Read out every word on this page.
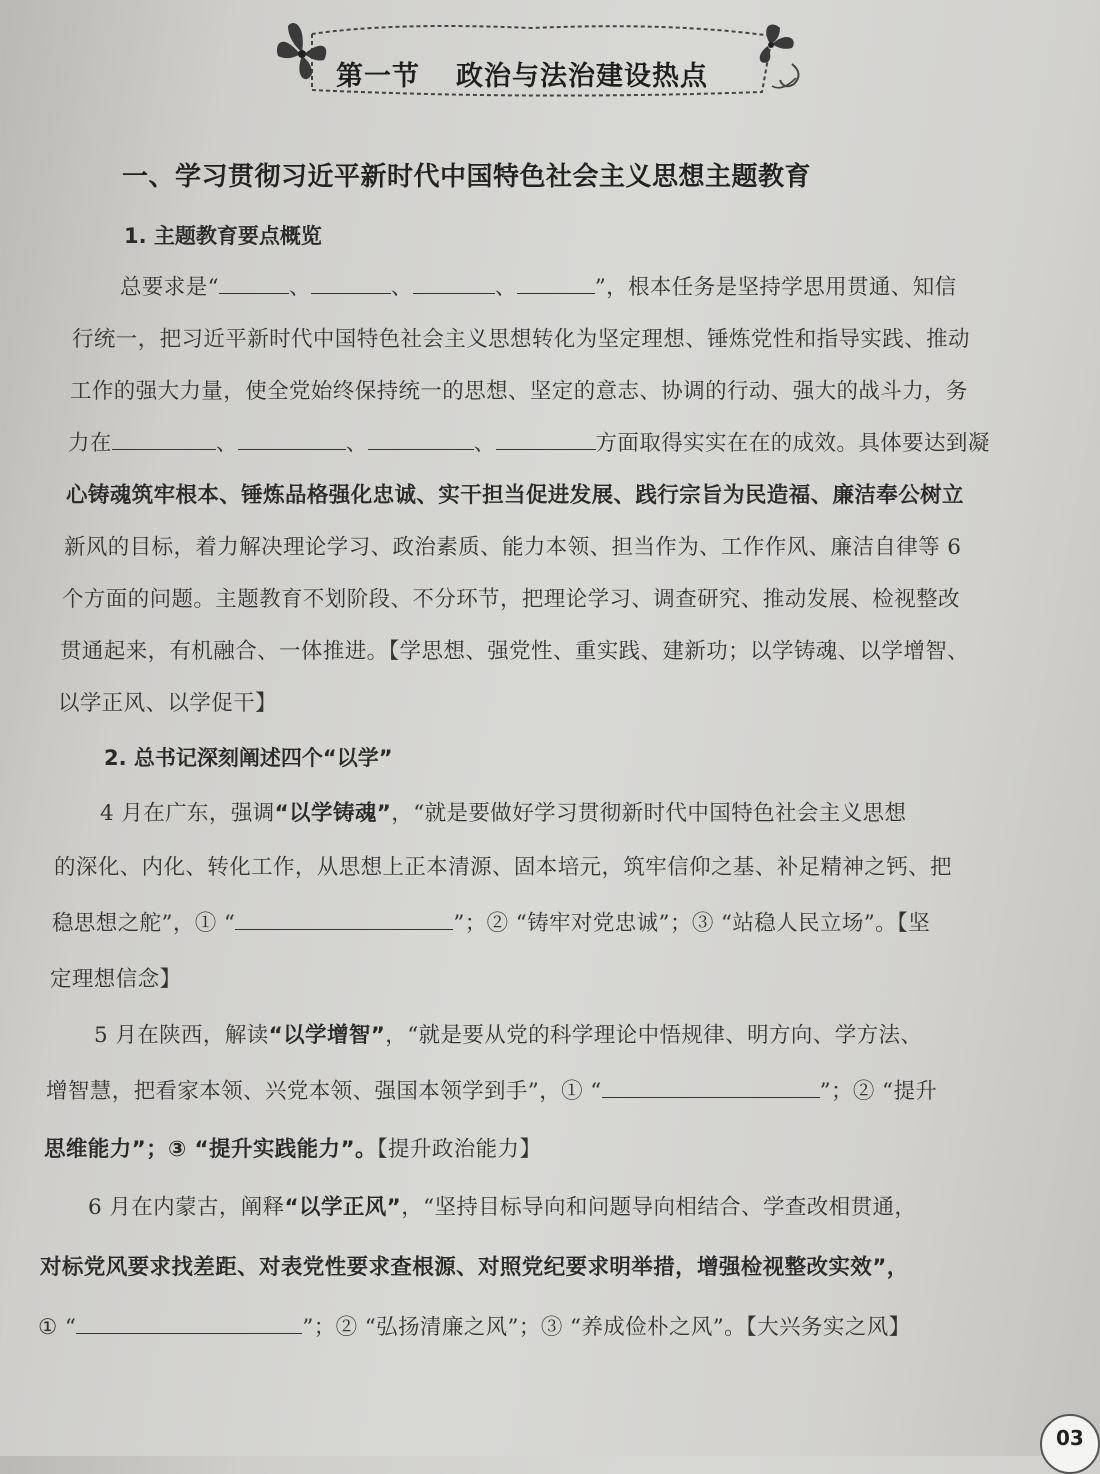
第一节 政治与法治建设热点
一、学习贯彻习近平新时代中国特色社会主义思想主题教育
1. 主题教育要点概览
总要求是“	、	、	、	”，根本任务是坚持学思用贯通、知信
行统一，把习近平新时代中国特色社会主义思想转化为坚定理想、锤炼党性和指导实践、推动
工作的强大力量，使全党始终保持统一的思想、坚定的意志、协调的行动、强大的战斗力，务
力在	、	、	、	方面取得实实在在的成效。具体要达到凝
心铸魂筑牢根本、锤炼品格强化忠诚、实干担当促进发展、践行宗旨为民造福、廉洁奉公树立
新风的目标，着力解决理论学习、政治素质、能力本领、担当作为、工作作风、廉洁自律等 6
个方面的问题。主题教育不划阶段、不分环节，把理论学习、调查研究、推动发展、检视整改
贯通起来，有机融合、一体推进。【学思想、强党性、重实践、建新功；以学铸魂、以学增智、
以学正风、以学促干】
2. 总书记深刻阐述四个“以学”
4 月在广东，强调“以学铸魂”，“就是要做好学习贯彻新时代中国特色社会主义思想
的深化、内化、转化工作，从思想上正本清源、固本培元，筑牢信仰之基、补足精神之钙、把
稳思想之舵”，① “	”；② “铸牢对党忠诚”；③ “站稳人民立场”。【坚
定理想信念】
5 月在陕西，解读“以学增智”，“就是要从党的科学理论中悟规律、明方向、学方法、
增智慧，把看家本领、兴党本领、强国本领学到手”，① “	”；② “提升
思维能力”；③ “提升实践能力”。【提升政治能力】
6 月在内蒙古，阐释“以学正风”，“坚持目标导向和问题导向相结合、学查改相贯通，
对标党风要求找差距、对表党性要求查根源、对照党纪要求明举措，增强检视整改实效”，
① “	”；② “弘扬清廉之风”；③ “养成俭朴之风”。【大兴务实之风】
03
